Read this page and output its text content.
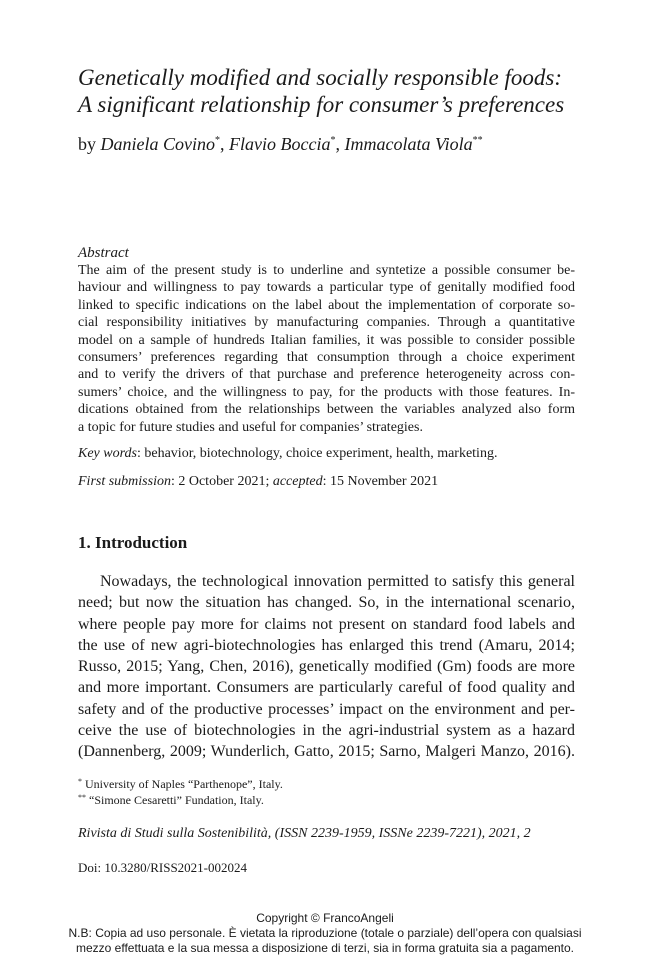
Genetically modified and socially responsible foods:
A significant relationship for consumer’s preferences
by Daniela Covino*, Flavio Boccia*, Immacolata Viola**
Abstract
The aim of the present study is to underline and syntetize a possible consumer be-
haviour and willingness to pay towards a particular type of genitally modified food
linked to specific indications on the label about the implementation of corporate so-
cial responsibility initiatives by manufacturing companies. Through a quantitative
model on a sample of hundreds Italian families, it was possible to consider possible
consumers’ preferences regarding that consumption through a choice experiment
and to verify the drivers of that purchase and preference heterogeneity across con-
sumers’ choice, and the willingness to pay, for the products with those features. In-
dications obtained from the relationships between the variables analyzed also form
a topic for future studies and useful for companies’ strategies.
Key words: behavior, biotechnology, choice experiment, health, marketing.
First submission: 2 October 2021; accepted: 15 November 2021
1. Introduction
Nowadays, the technological innovation permitted to satisfy this general
need; but now the situation has changed. So, in the international scenario,
where people pay more for claims not present on standard food labels and
the use of new agri-biotechnologies has enlarged this trend (Amaru, 2014;
Russo, 2015; Yang, Chen, 2016), genetically modified (Gm) foods are more
and more important. Consumers are particularly careful of food quality and
safety and of the productive processes’ impact on the environment and per-
ceive the use of biotechnologies in the agri-industrial system as a hazard
(Dannenberg, 2009; Wunderlich, Gatto, 2015; Sarno, Malgeri Manzo, 2016).
* University of Naples “Parthenope”, Italy.
** “Simone Cesaretti” Fundation, Italy.
Rivista di Studi sulla Sostenibilità, (ISSN 2239-1959, ISSNe 2239-7221), 2021, 2
Doi: 10.3280/RISS2021-002024
Copyright © FrancoAngeli
N.B: Copia ad uso personale. È vietata la riproduzione (totale o parziale) dell’opera con qualsiasi
mezzo effettuata e la sua messa a disposizione di terzi, sia in forma gratuita sia a pagamento.
